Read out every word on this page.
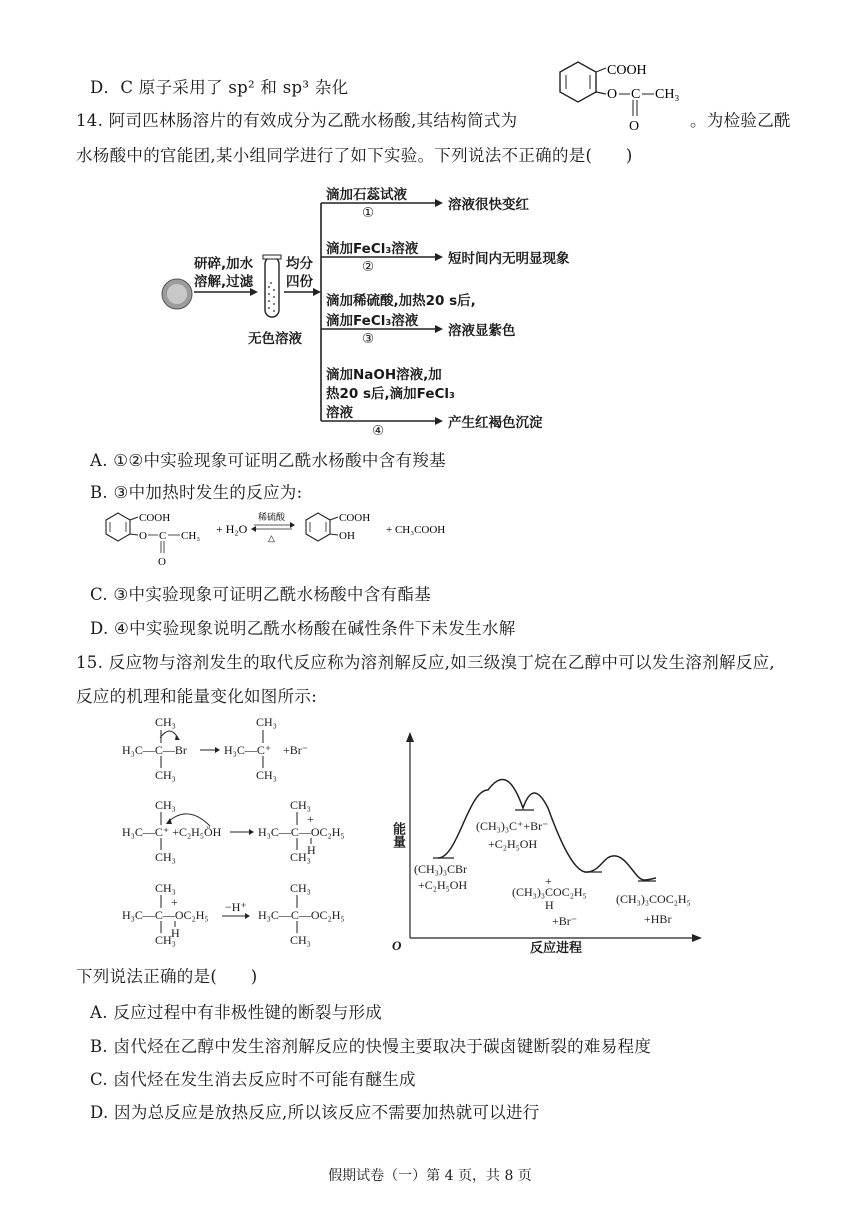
D．C 原子采用了 sp² 和 sp³ 杂化
COOH
O C CH₃
O
14. 阿司匹林肠溶片的有效成分为乙酰水杨酸,其结构简式为	。为检验乙酰
水杨酸中的官能团,某小组同学进行了如下实验。下列说法不正确的是(　　)
研碎,加水
溶解,过滤
均分
四份
无色溶液
滴加石蕊试液
①	溶液很快变红
滴加FeCl₃溶液
②	短时间内无明显现象
滴加稀硫酸,加热20 s后,
滴加FeCl₃溶液
③	溶液显紫色
滴加NaOH溶液,加
热20 s后,滴加FeCl₃
溶液
④	产生红褐色沉淀
A. ①②中实验现象可证明乙酰水杨酸中含有羧基
B. ③中加热时发生的反应为:
COOH
O C CH₃
O
+ H₂O
稀硫酸
△
COOH
OH	+ CH₃COOH
C. ③中实验现象可证明乙酰水杨酸中含有酯基
D. ④中实验现象说明乙酰水杨酸在碱性条件下未发生水解
15. 反应物与溶剂发生的取代反应称为溶剂解反应,如三级溴丁烷在乙醇中可以发生溶剂解反应,
反应的机理和能量变化如图所示:
CH₃
H₃C—C—Br
CH₃
H₃C—C⁺
CH₃
CH₃
+Br⁻
CH₃
H₃C—C⁺ +C₂H₅ÖH
CH₃
H₃C—C—OC₂H₅
CH₃
CH₃
+
H
CH₃
H₃C—C—OC₂H₅
CH₃
+
H
−H⁺
H₃C—C—OC₂H₅
CH₃
CH₃
能量
O	反应进程
(CH₃)₃CBr
+C₂H₅OH
(CH₃)₃C⁺+Br⁻
+C₂H₅OH
+
(CH₃)₃COC₂H₅
H
+Br⁻
(CH₃)₃COC₂H₅
+HBr
下列说法正确的是(　　)
A. 反应过程中有非极性键的断裂与形成
B. 卤代烃在乙醇中发生溶剂解反应的快慢主要取决于碳卤键断裂的难易程度
C. 卤代烃在发生消去反应时不可能有醚生成
D. 因为总反应是放热反应,所以该反应不需要加热就可以进行
假期试卷（一）第 4 页，共 8 页
